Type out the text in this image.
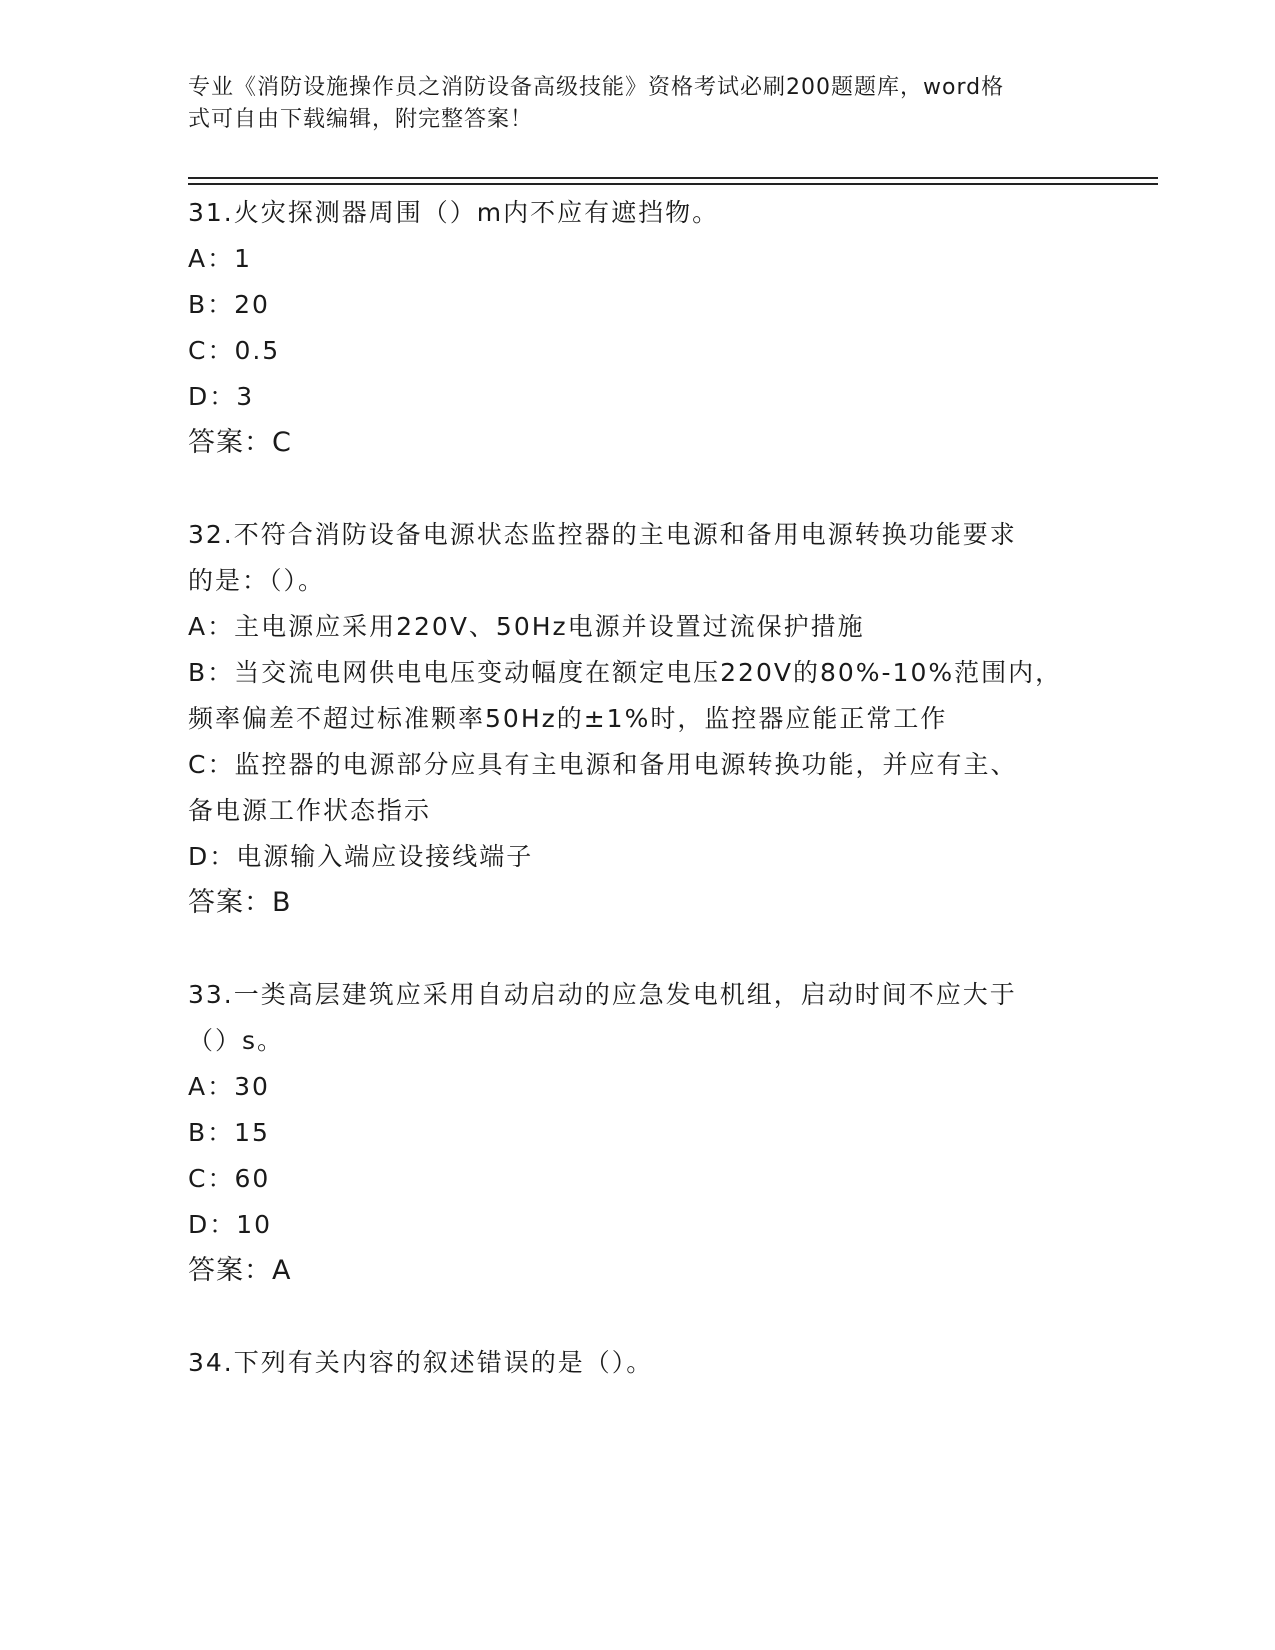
专业《消防设施操作员之消防设备高级技能》资格考试必刷200题题库，word格
式可自由下载编辑，附完整答案！
31.火灾探测器周围（）m内不应有遮挡物。
A：1
B：20
C：0.5
D：3
答案：C
32.不符合消防设备电源状态监控器的主电源和备用电源转换功能要求
的是：（）。
A：主电源应采用220V、50Hz电源并设置过流保护措施
B：当交流电网供电电压变动幅度在额定电压220V的80%-10%范围内，
频率偏差不超过标准颗率50Hz的±1%时，监控器应能正常工作
C：监控器的电源部分应具有主电源和备用电源转换功能，并应有主、
备电源工作状态指示
D：电源输入端应设接线端子
答案：B
33.一类高层建筑应采用自动启动的应急发电机组，启动时间不应大于
（）s。
A：30
B：15
C：60
D：10
答案：A
34.下列有关内容的叙述错误的是（）。
